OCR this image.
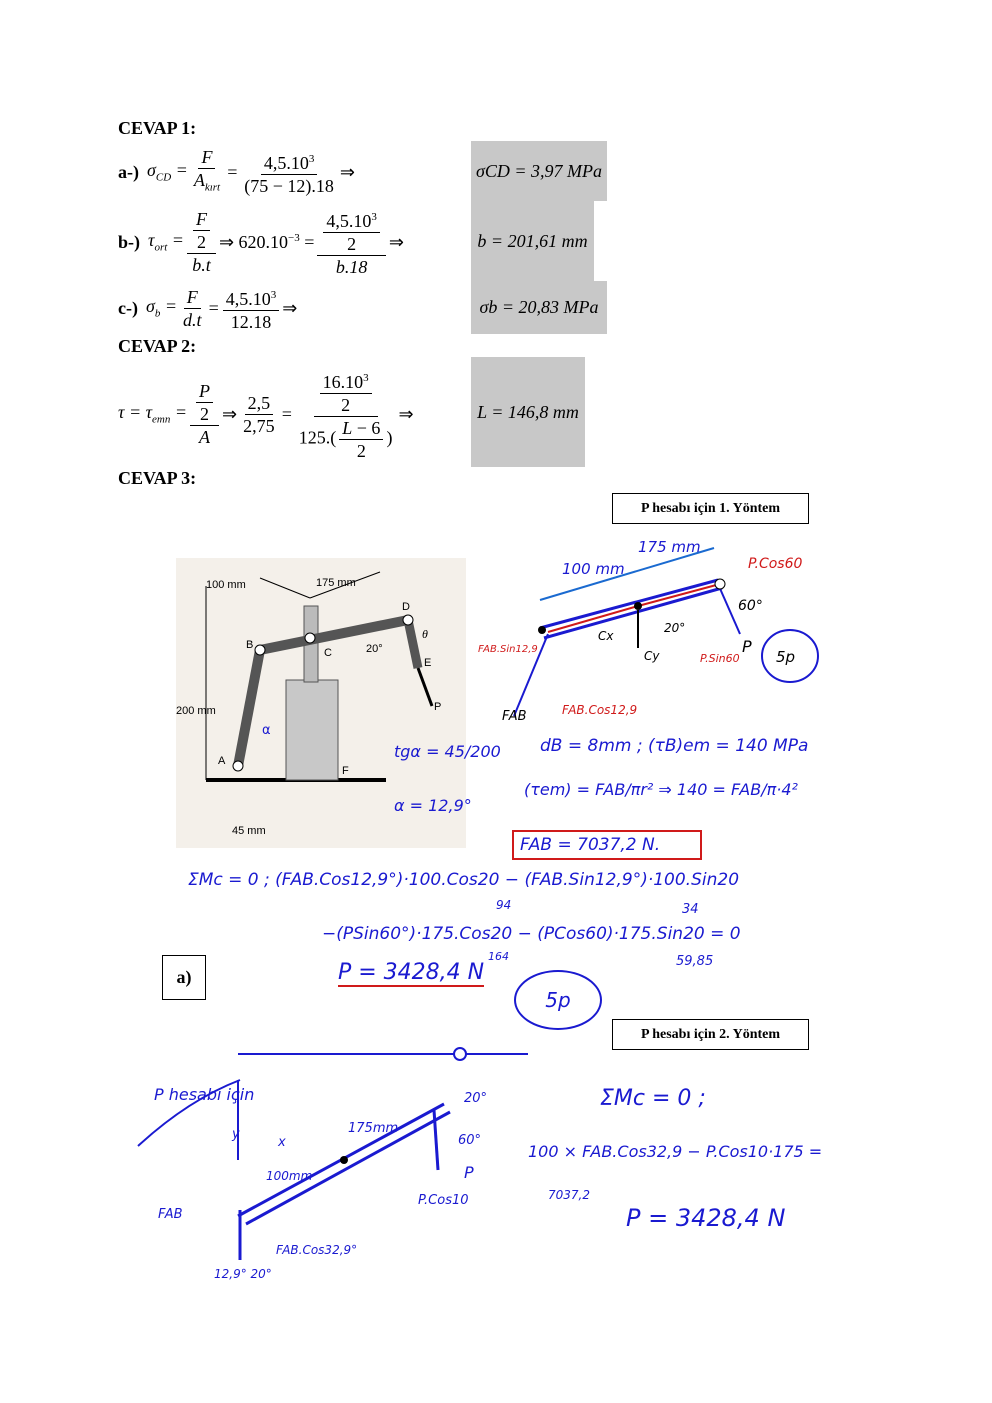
CEVAP 1:
a-) $\sigma_{CD} = \frac{F}{A_{kırt}} = \frac{4,5.10^3}{(75 - 12).18}$ ⇒	σCD = 3,97 MPa
b-) $\tau_{ort} = \frac{\frac{F}{2}}{b.t}$ ⇒ $620.10^{-3} = \frac{\frac{4,5.10^3}{2}}{b.18}$ ⇒	b = 201,61 mm
c-) $\sigma_b = \frac{F}{d.t} = \frac{4,5.10^3}{12.18}$ ⇒	σb = 20,83 MPa
CEVAP 2:
$\tau = \tau_{emn} = \frac{\frac{P}{2}}{A}$ ⇒ $\frac{2,5}{2,75} = \frac{\frac{16.10^3}{2}}{125.( \frac{L - 6}{2} )}$ ⇒	L = 146,8 mm
CEVAP 3:
P hesabı için 1. Yöntem
100 mm	175 mm
200 mm
45 mm
20°
A
B
C
D
E
F
P
θ
α
tgα = 45/200
α = 12,9°
100 mm
175 mm
P.Cos60
60°
20°
FAB.Sin12,9
FAB.Cos12,9
Cx
Cy	P.Sin60
FAB
P
5p
dB = 8mm ; (τB)em = 140 MPa
(τem) = FAB/πr² ⇒ 140 = FAB/π·4²
FAB = 7037,2 N.
ΣMc = 0 ; (FAB.Cos12,9°)·100.Cos20 − (FAB.Sin12,9°)·100.Sin20
94	34
−(PSin60°)·175.Cos20 − (PCos60)·175.Sin20 = 0
164	59,85
P = 3428,4 N
5p
a)
P hesabı için 2. Yöntem
P hesabı için
100mm
175mm
12,9° 20°
P
60°
20°
P.Cos10
FAB.Cos32,9°
FAB
x
y
ΣMc = 0 ;
100 × FAB.Cos32,9 − P.Cos10·175 =
7037,2
P = 3428,4 N
